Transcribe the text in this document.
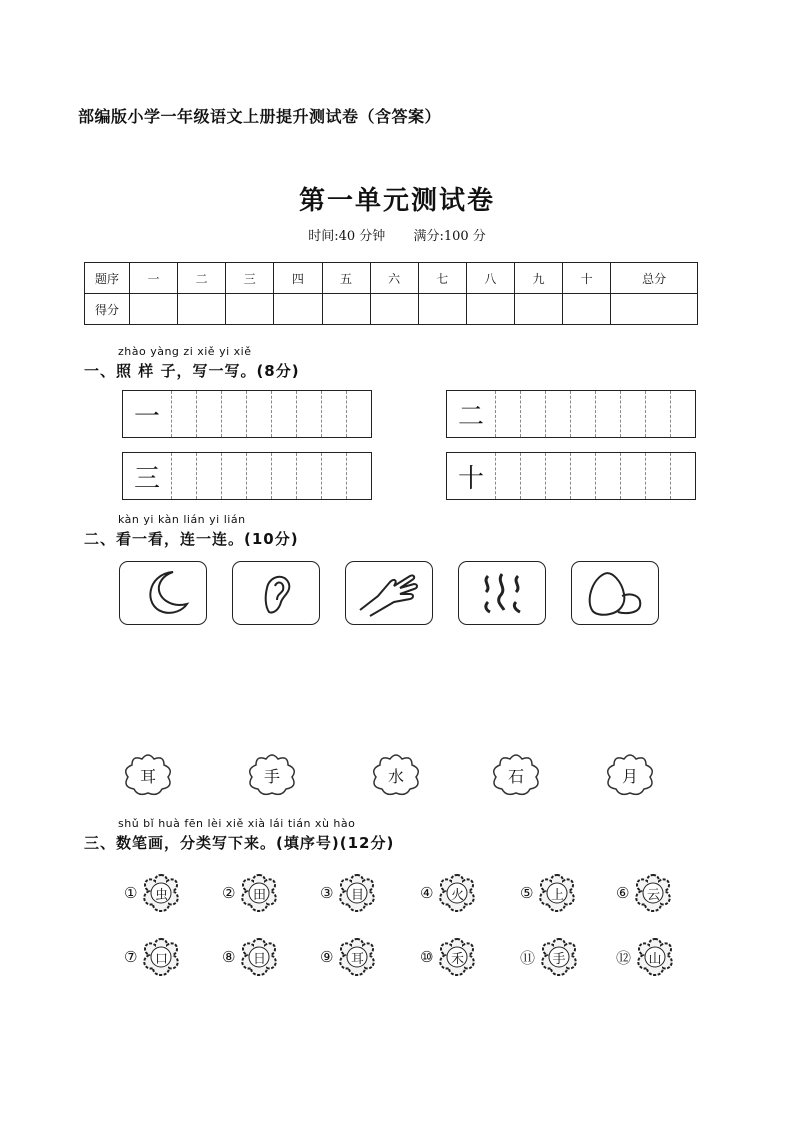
部编版小学一年级语文上册提升测试卷（含答案）
第一单元测试卷
时间:40 分钟 满分:100 分
题序	一	二	三	四	五	六	七	八	九	十	总分
得分											
zhào yàng zi xiě yi xiě
一、照 样 子，写一写。(8分)
一	二
三	十
kàn yi kàn lián yi lián
二、看一看，连一连。(10分)
耳	手	水	石	月
shǔ bǐ huà fēn lèi xiě xià lái tián xù hào
三、数笔画，分类写下来。(填序号)(12分)
①	虫	②	田	③	目	④	火	⑤	上	⑥	云
⑦	口	⑧	日	⑨	耳	⑩	禾	⑪	手	⑫	山
